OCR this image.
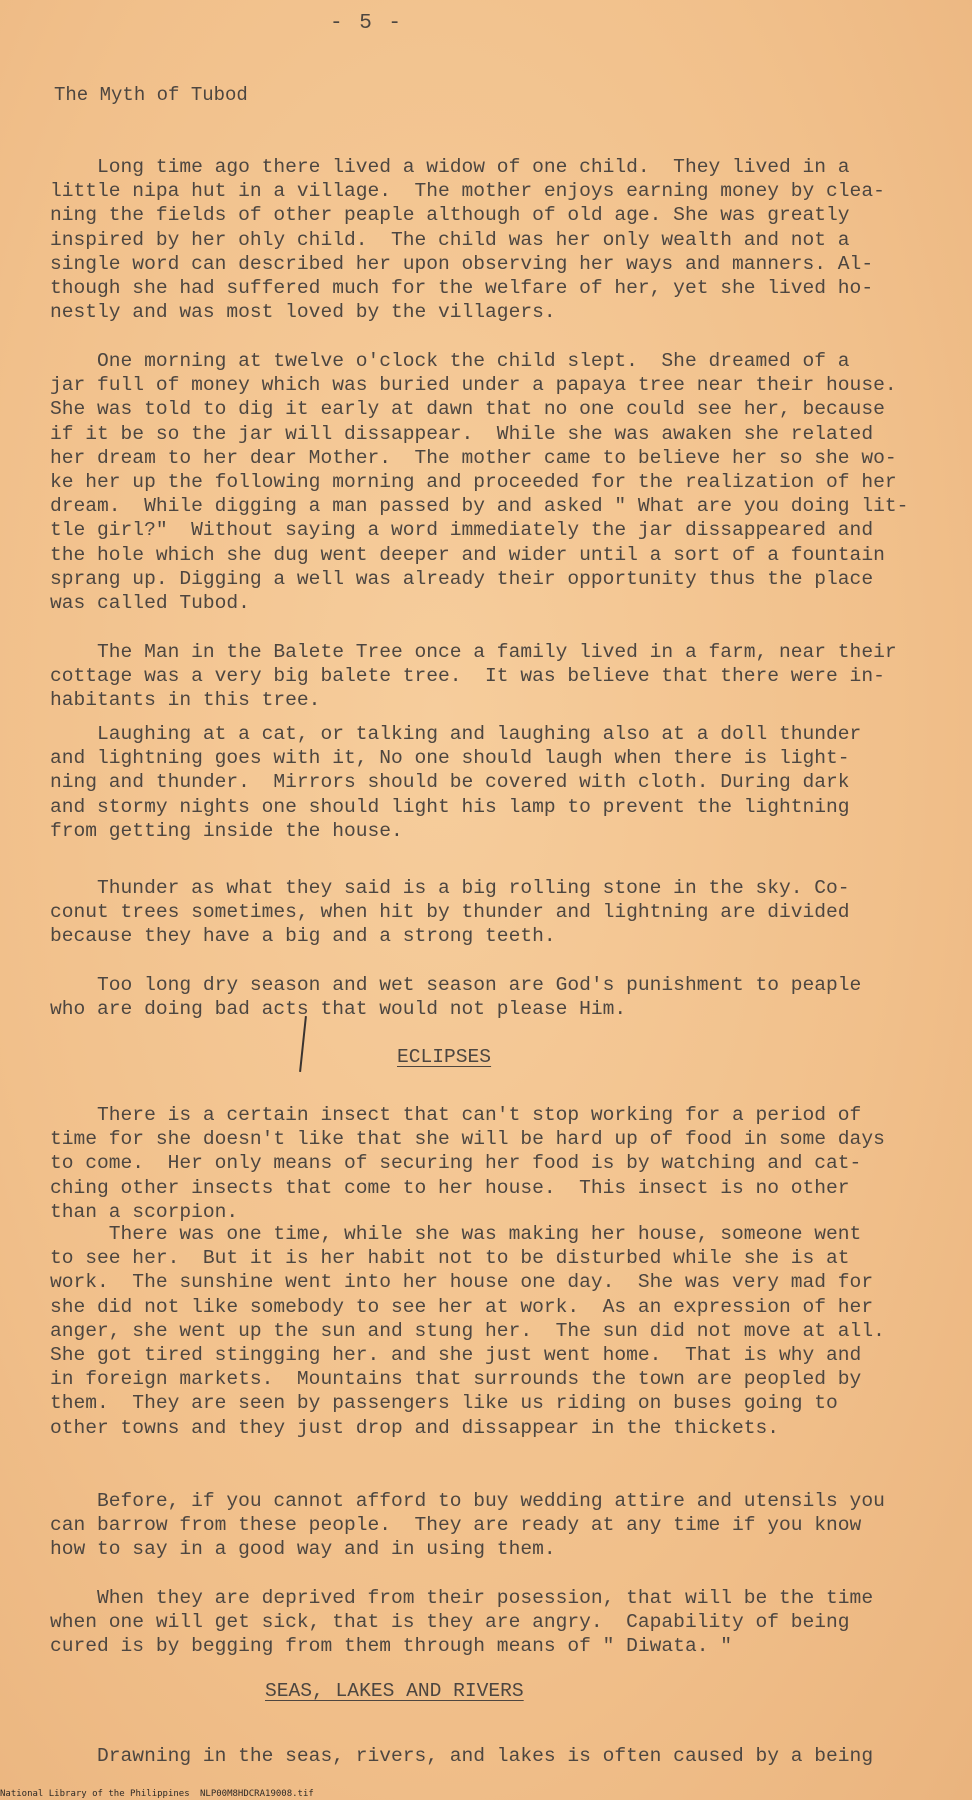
- 5 -
The Myth of Tubod

Long time ago there lived a widow of one child.  They lived in a
little nipa hut in a village.  The mother enjoys earning money by clea-
ning the fields of other peaple although of old age. She was greatly
inspired by her ohly child.  The child was her only wealth and not a
single word can described her upon observing her ways and manners. Al-
though she had suffered much for the welfare of her, yet she lived ho-
nestly and was most loved by the villagers.

One morning at twelve o'clock the child slept.  She dreamed of a
jar full of money which was buried under a papaya tree near their house.
She was told to dig it early at dawn that no one could see her, because
if it be so the jar will dissappear.  While she was awaken she related
her dream to her dear Mother.  The mother came to believe her so she wo-
ke her up the following morning and proceeded for the realization of her
dream.  While digging a man passed by and asked " What are you doing lit-
tle girl?"  Without saying a word immediately the jar dissappeared and
the hole which she dug went deeper and wider until a sort of a fountain
sprang up. Digging a well was already their opportunity thus the place
was called Tubod.

The Man in the Balete Tree once a family lived in a farm, near their
cottage was a very big balete tree.  It was believe that there were in-
habitants in this tree.

Laughing at a cat, or talking and laughing also at a doll thunder
and lightning goes with it, No one should laugh when there is light-
ning and thunder.  Mirrors should be covered with cloth. During dark
and stormy nights one should light his lamp to prevent the lightning
from getting inside the house.

Thunder as what they said is a big rolling stone in the sky. Co-
conut trees sometimes, when hit by thunder and lightning are divided
because they have a big and a strong teeth.

Too long dry season and wet season are God's punishment to peaple
who are doing bad acts that would not please Him.

ECLIPSES

There is a certain insect that can't stop working for a period of
time for she doesn't like that she will be hard up of food in some days
to come.  Her only means of securing her food is by watching and cat-
ching other insects that come to her house.  This insect is no other
than a scorpion.

There was one time, while she was making her house, someone went
to see her.  But it is her habit not to be disturbed while she is at
work.  The sunshine went into her house one day.  She was very mad for
she did not like somebody to see her at work.  As an expression of her
anger, she went up the sun and stung her.  The sun did not move at all.
She got tired stingging her. and she just went home.  That is why and
in foreign markets.  Mountains that surrounds the town are peopled by
them.  They are seen by passengers like us riding on buses going to
other towns and they just drop and dissappear in the thickets.

Before, if you cannot afford to buy wedding attire and utensils you
can barrow from these people.  They are ready at any time if you know
how to say in a good way and in using them.

When they are deprived from their posession, that will be the time
when one will get sick, that is they are angry.  Capability of being
cured is by begging from them through means of " Diwata. "

SEAS, LAKES AND RIVERS

Drawning in the seas, rivers, and lakes is often caused by a being

National Library of the Philippines NLP00M8HDCRA19008.tif
